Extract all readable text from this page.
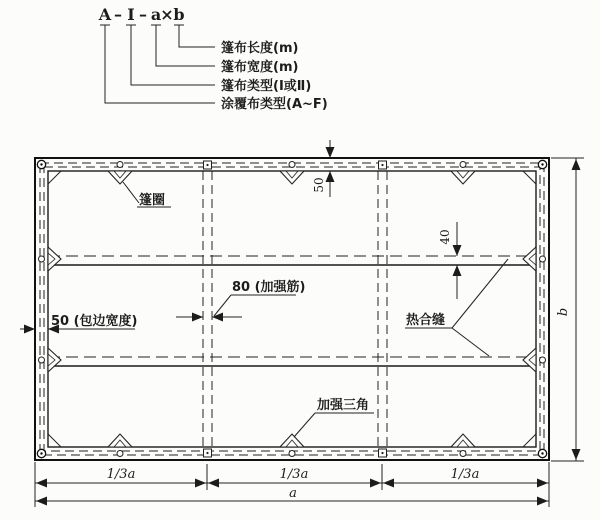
A – Ⅰ – a × b
篷布长度(m)
篷布宽度(m)
篷布类型(Ⅰ或Ⅱ)
涂覆布类型(A~F)
篷圈
50 (包边宽度)
80 (加强筋)
热合缝
加强三角
50
40
1/3a	1/3a	1/3a
a
b
